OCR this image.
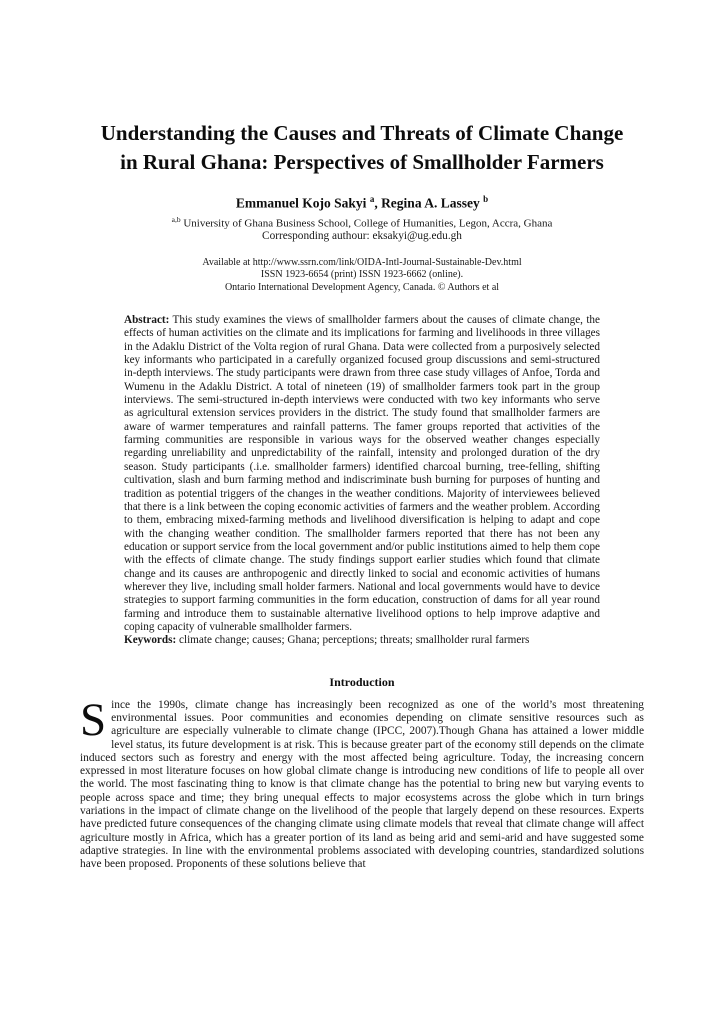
Understanding the Causes and Threats of Climate Change
in Rural Ghana: Perspectives of Smallholder Farmers

Emmanuel Kojo Sakyi $^a$, Regina A. Lassey $^b$

$^{a,b}$ University of Ghana Business School, College of Humanities, Legon, Accra, Ghana

Corresponding authour: eksakyi@ug.edu.gh

Available at http://www.ssrn.com/link/OIDA-Intl-Journal-Sustainable-Dev.html
ISSN 1923-6654 (print) ISSN 1923-6662 (online).
Ontario International Development Agency, Canada. © Authors et al

Abstract: This study examines the views of smallholder farmers about the causes of climate change, the effects of human activities on the climate and its implications for farming and livelihoods in three villages in the Adaklu District of the Volta region of rural Ghana. Data were collected from a purposively selected key informants who participated in a carefully organized focused group discussions and semi-structured in-depth interviews. The study participants were drawn from three case study villages of Anfoe, Torda and Wumenu in the Adaklu District. A total of nineteen (19) of smallholder farmers took part in the group interviews. The semi-structured in-depth interviews were conducted with two key informants who serve as agricultural extension services providers in the district. The study found that smallholder farmers are aware of warmer temperatures and rainfall patterns. The famer groups reported that activities of the farming communities are responsible in various ways for the observed weather changes especially regarding unreliability and unpredictability of the rainfall, intensity and prolonged duration of the dry season. Study participants (.i.e. smallholder farmers) identified charcoal burning, tree-felling, shifting cultivation, slash and burn farming method and indiscriminate bush burning for purposes of hunting and tradition as potential triggers of the changes in the weather conditions. Majority of interviewees believed that there is a link between the coping economic activities of farmers and the weather problem. According to them, embracing mixed-farming methods and livelihood diversification is helping to adapt and cope with the changing weather condition. The smallholder farmers reported that there has not been any education or support service from the local government and/or public institutions aimed to help them cope with the effects of climate change. The study findings support earlier studies which found that climate change and its causes are anthropogenic and directly linked to social and economic activities of humans wherever they live, including small holder farmers. National and local governments would have to device strategies to support farming communities in the form education, construction of dams for all year round farming and introduce them to sustainable alternative livelihood options to help improve adaptive and coping capacity of vulnerable smallholder farmers.

Keywords: climate change; causes; Ghana; perceptions; threats; smallholder rural farmers

Introduction

Since the 1990s, climate change has increasingly been recognized as one of the world’s most threatening environmental issues. Poor communities and economies depending on climate sensitive resources such as agriculture are especially vulnerable to climate change (IPCC, 2007).Though Ghana has attained a lower middle level status, its future development is at risk. This is because greater part of the economy still depends on the climate induced sectors such as forestry and energy with the most affected being agriculture. Today, the increasing concern expressed in most literature focuses on how global climate change is introducing new conditions of life to people all over the world. The most fascinating thing to know is that climate change has the potential to bring new but varying events to people across space and time; they bring unequal effects to major ecosystems across the globe which in turn brings variations in the impact of climate change on the livelihood of the people that largely depend on these resources. Experts have predicted future consequences of the changing climate using climate models that reveal that climate change will affect agriculture mostly in Africa, which has a greater portion of its land as being arid and semi-arid and have suggested some adaptive strategies. In line with the environmental problems associated with developing countries, standardized solutions have been proposed. Proponents of these solutions believe that
